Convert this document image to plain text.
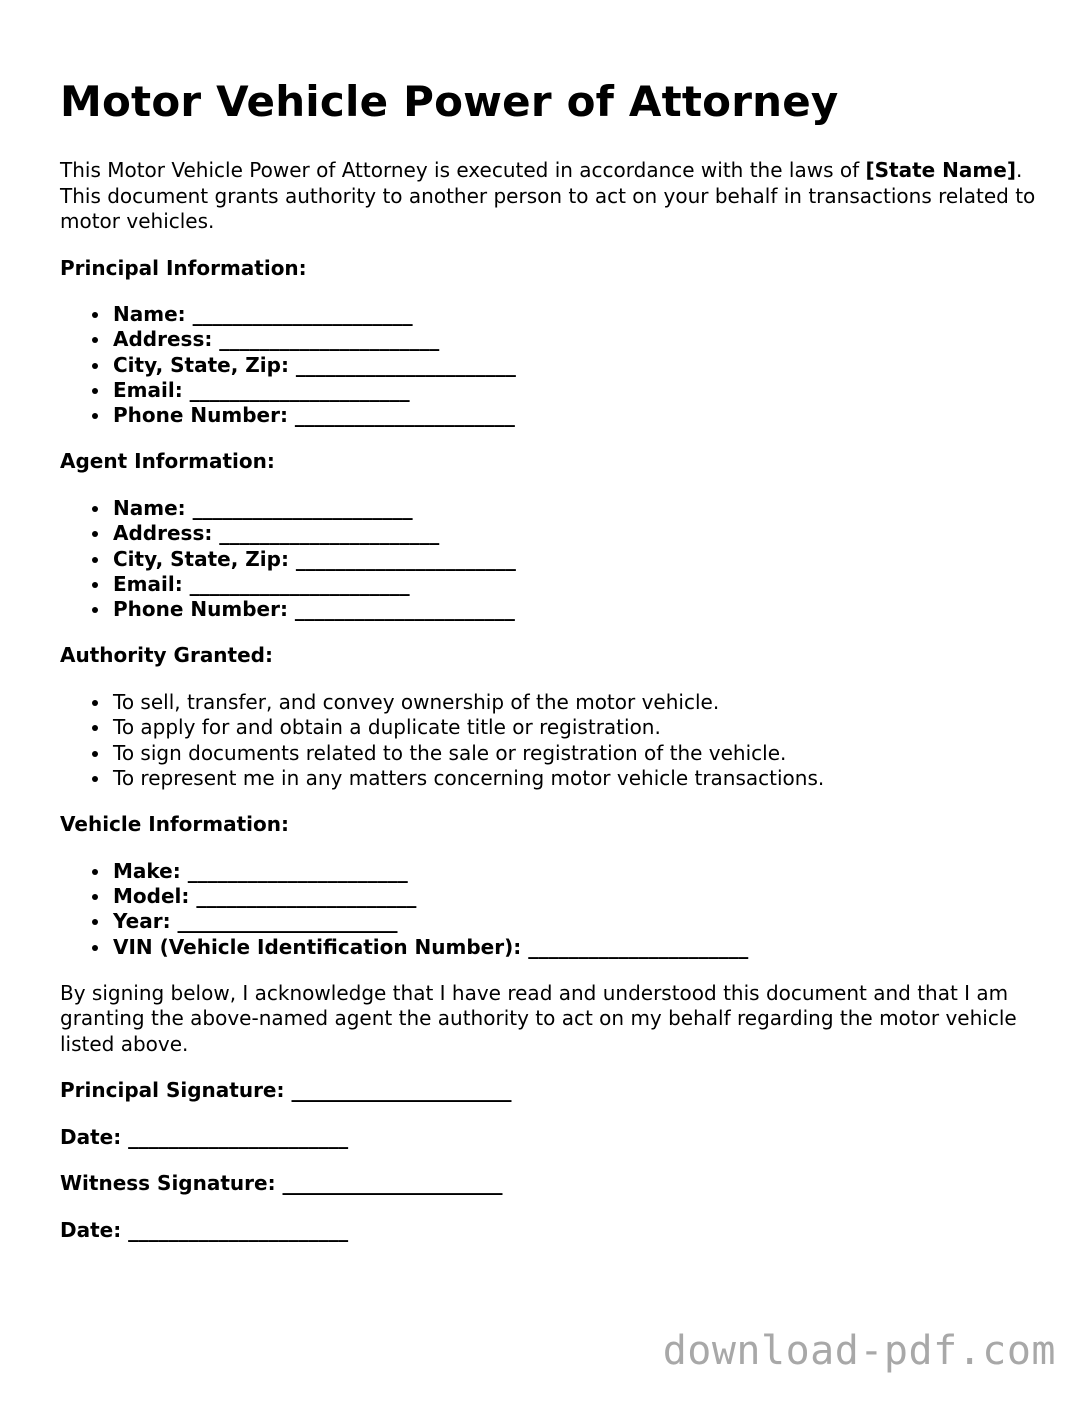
Motor Vehicle Power of Attorney

This Motor Vehicle Power of Attorney is executed in accordance with the laws of [State Name]. This document grants authority to another person to act on your behalf in transactions related to motor vehicles.

Principal Information:

Name: ______________________
Address: ______________________
City, State, Zip: ______________________
Email: ______________________
Phone Number: ______________________

Agent Information:

Name: ______________________
Address: ______________________
City, State, Zip: ______________________
Email: ______________________
Phone Number: ______________________

Authority Granted:

To sell, transfer, and convey ownership of the motor vehicle.
To apply for and obtain a duplicate title or registration.
To sign documents related to the sale or registration of the vehicle.
To represent me in any matters concerning motor vehicle transactions.

Vehicle Information:

Make: ______________________
Model: ______________________
Year: ______________________
VIN (Vehicle Identification Number): ______________________

By signing below, I acknowledge that I have read and understood this document and that I am granting the above-named agent the authority to act on my behalf regarding the motor vehicle listed above.

Principal Signature: ______________________

Date: ______________________

Witness Signature: ______________________

Date: ______________________

download-pdf.com
